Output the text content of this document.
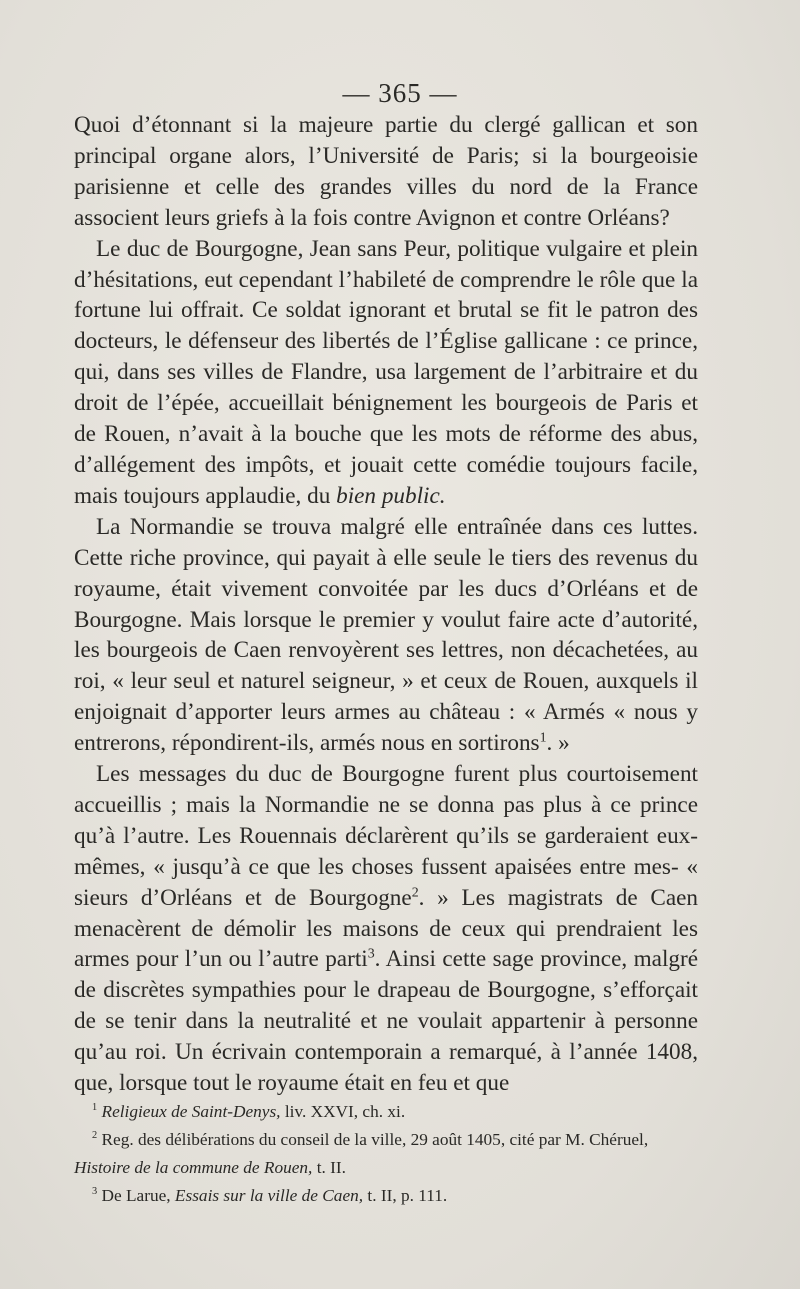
— 365 —

Quoi d’étonnant si la majeure partie du clergé gallican et son principal organe alors, l’Université de Paris; si la bourgeoisie parisienne et celle des grandes villes du nord de la France associent leurs griefs à la fois contre Avignon et contre Orléans?

Le duc de Bourgogne, Jean sans Peur, politique vulgaire et plein d’hésitations, eut cependant l’habileté de comprendre le rôle que la fortune lui offrait. Ce soldat ignorant et brutal se fit le patron des docteurs, le défenseur des libertés de l’Église gallicane : ce prince, qui, dans ses villes de Flandre, usa largement de l’arbitraire et du droit de l’épée, accueillait bénignement les bourgeois de Paris et de Rouen, n’avait à la bouche que les mots de réforme des abus, d’allégement des impôts, et jouait cette comédie toujours facile, mais toujours applaudie, du bien public.

La Normandie se trouva malgré elle entraînée dans ces luttes. Cette riche province, qui payait à elle seule le tiers des revenus du royaume, était vivement convoitée par les ducs d’Orléans et de Bourgogne. Mais lorsque le premier y voulut faire acte d’autorité, les bourgeois de Caen renvoyèrent ses lettres, non décachetées, au roi, « leur seul et naturel seigneur, » et ceux de Rouen, auxquels il enjoignait d’apporter leurs armes au château : « Armés « nous y entrerons, répondirent-ils, armés nous en sortirons$^1$. »

Les messages du duc de Bourgogne furent plus courtoisement accueillis ; mais la Normandie ne se donna pas plus à ce prince qu’à l’autre. Les Rouennais déclarèrent qu’ils se garderaient eux-mêmes, « jusqu’à ce que les choses fussent apaisées entre mes- « sieurs d’Orléans et de Bourgogne$^2$. » Les magistrats de Caen menacèrent de démolir les maisons de ceux qui prendraient les armes pour l’un ou l’autre parti$^3$. Ainsi cette sage province, malgré de discrètes sympathies pour le drapeau de Bourgogne, s’efforçait de se tenir dans la neutralité et ne voulait appartenir à personne qu’au roi. Un écrivain contemporain a remarqué, à l’année 1408, que, lorsque tout le royaume était en feu et que

$^1$ Religieux de Saint-Denys, liv. XXVI, ch. xi.

$^2$ Reg. des délibérations du conseil de la ville, 29 août 1405, cité par M. Chéruel, Histoire de la commune de Rouen, t. II.

$^3$ De Larue, Essais sur la ville de Caen, t. II, p. 111.
